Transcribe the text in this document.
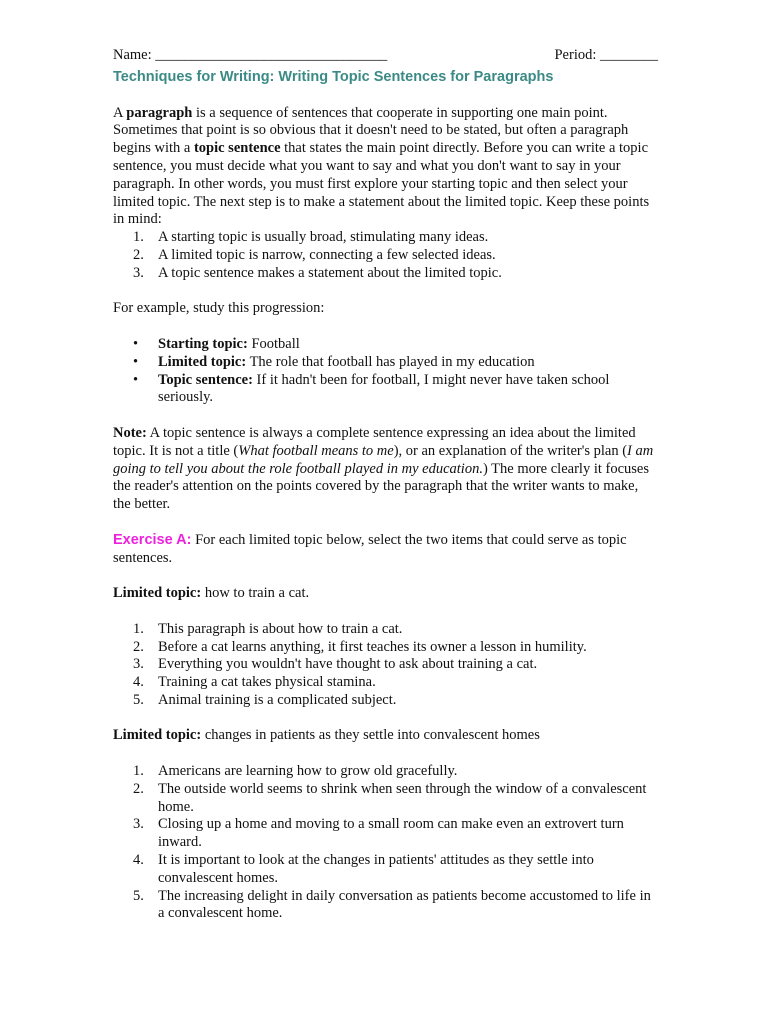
Name: ________________________________	Period: ________
Techniques for Writing: Writing Topic Sentences for Paragraphs

A paragraph is a sequence of sentences that cooperate in supporting one main point. Sometimes that point is so obvious that it doesn't need to be stated, but often a paragraph begins with a topic sentence that states the main point directly. Before you can write a topic sentence, you must decide what you want to say and what you don't want to say in your paragraph. In other words, you must first explore your starting topic and then select your limited topic. The next step is to make a statement about the limited topic. Keep these points in mind:

1. A starting topic is usually broad, stimulating many ideas.
2. A limited topic is narrow, connecting a few selected ideas.
3. A topic sentence makes a statement about the limited topic.

For example, study this progression:

• Starting topic: Football
• Limited topic: The role that football has played in my education
• Topic sentence: If it hadn't been for football, I might never have taken school seriously.

Note: A topic sentence is always a complete sentence expressing an idea about the limited topic. It is not a title (What football means to me), or an explanation of the writer's plan (I am going to tell you about the role football played in my education.) The more clearly it focuses the reader's attention on the points covered by the paragraph that the writer wants to make, the better.

Exercise A: For each limited topic below, select the two items that could serve as topic sentences.

Limited topic: how to train a cat.

1. This paragraph is about how to train a cat.
2. Before a cat learns anything, it first teaches its owner a lesson in humility.
3. Everything you wouldn't have thought to ask about training a cat.
4. Training a cat takes physical stamina.
5. Animal training is a complicated subject.

Limited topic: changes in patients as they settle into convalescent homes

1. Americans are learning how to grow old gracefully.
2. The outside world seems to shrink when seen through the window of a convalescent home.
3. Closing up a home and moving to a small room can make even an extrovert turn inward.
4. It is important to look at the changes in patients' attitudes as they settle into convalescent homes.
5. The increasing delight in daily conversation as patients become accustomed to life in a convalescent home.
